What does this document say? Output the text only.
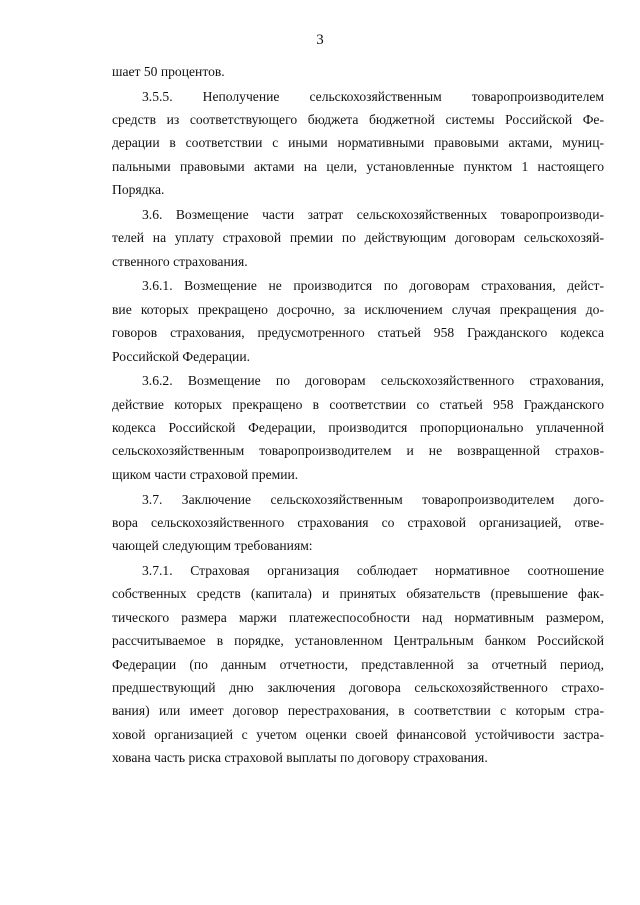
3
шает 50 процентов.
3.5.5. Неполучение сельскохозяйственным товаропроизводителем
средств из соответствующего бюджета бюджетной системы Российской Фе-
дерации в соответствии с иными нормативными правовыми актами, муниц-
пальными правовыми актами на цели, установленные пунктом 1 настоящего
Порядка.
3.6. Возмещение части затрат сельскохозяйственных товаропроизводи-
телей на уплату страховой премии по действующим договорам сельскохозяй-
ственного страхования.
3.6.1. Возмещение не производится по договорам страхования, дейст-
вие которых прекращено досрочно, за исключением случая прекращения до-
говоров страхования, предусмотренного статьей 958 Гражданского кодекса
Российской Федерации.
3.6.2. Возмещение по договорам сельскохозяйственного страхования,
действие которых прекращено в соответствии со статьей 958 Гражданского
кодекса Российской Федерации, производится пропорционально уплаченной
сельскохозяйственным товаропроизводителем и не возвращенной страхов-
щиком части страховой премии.
3.7. Заключение сельскохозяйственным товаропроизводителем дого-
вора сельскохозяйственного страхования со страховой организацией, отве-
чающей следующим требованиям:
3.7.1. Страховая организация соблюдает нормативное соотношение
собственных средств (капитала) и принятых обязательств (превышение фак-
тического размера маржи платежеспособности над нормативным размером,
рассчитываемое в порядке, установленном Центральным банком Российской
Федерации (по данным отчетности, представленной за отчетный период,
предшествующий дню заключения договора сельскохозяйственного страхо-
вания) или имеет договор перестрахования, в соответствии с которым стра-
ховой организацией с учетом оценки своей финансовой устойчивости застра-
хована часть риска страховой выплаты по договору страхования.
